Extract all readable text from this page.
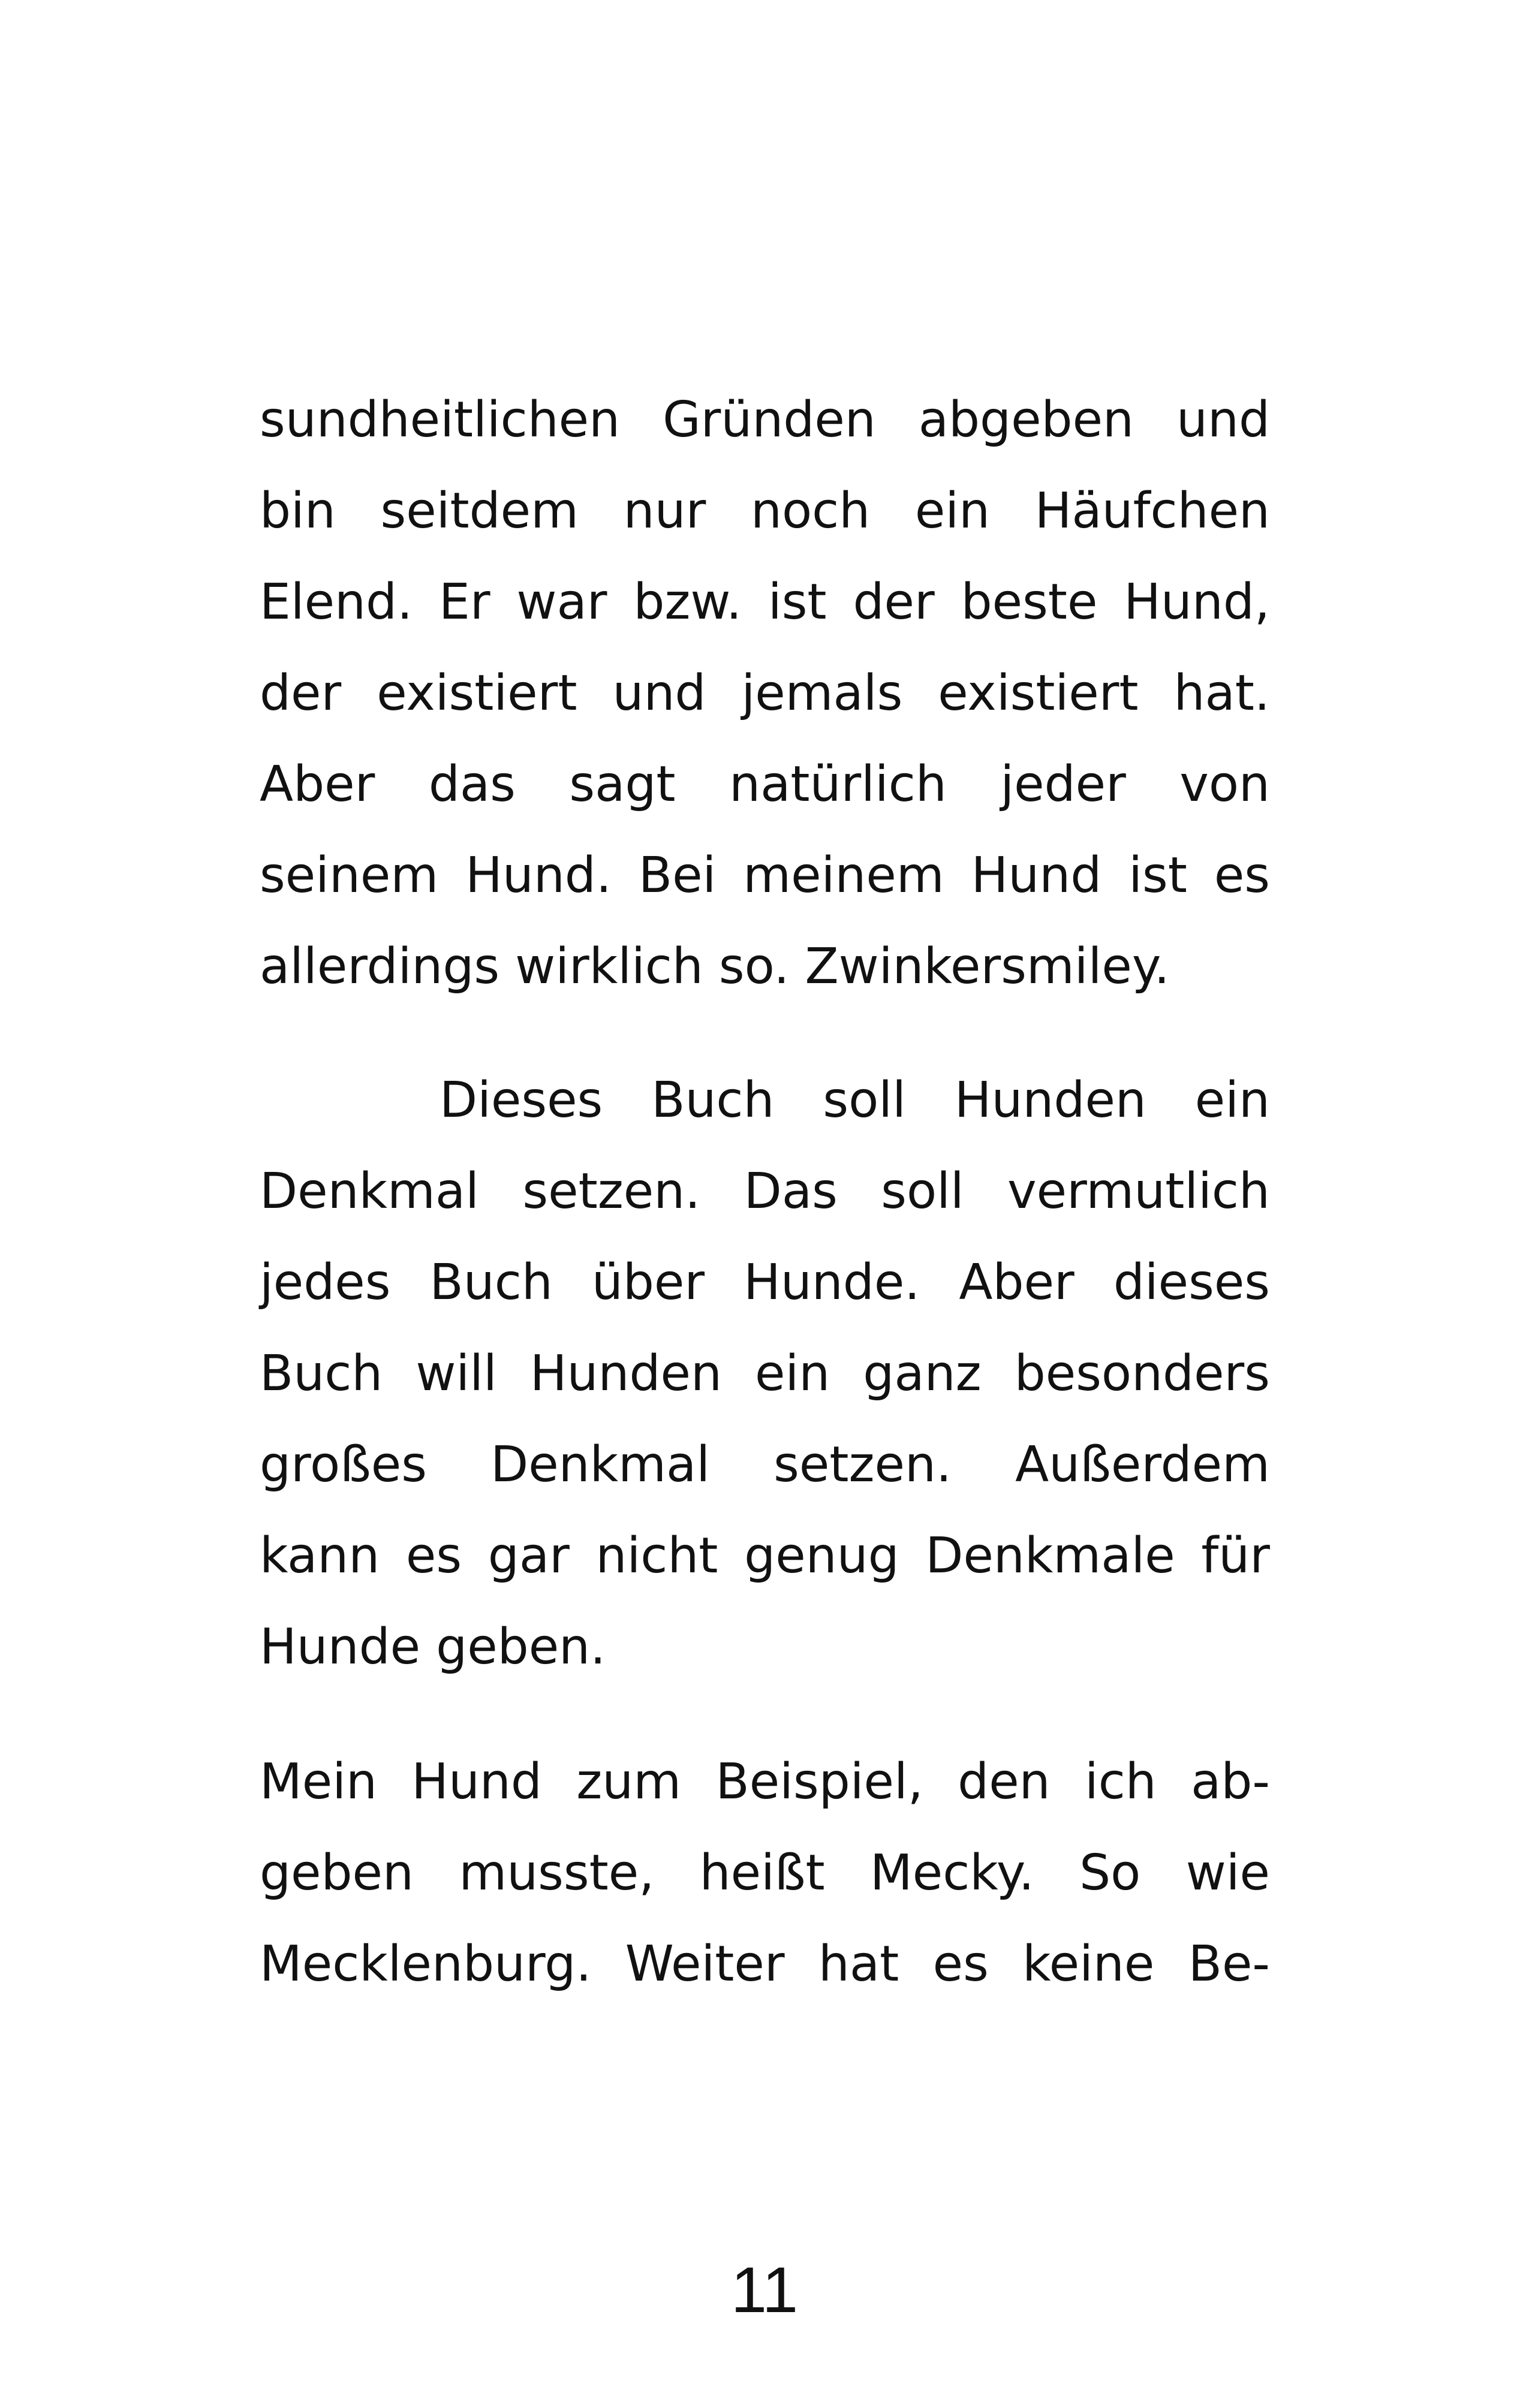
sundheitlichen Gründen abgeben und
bin seitdem nur noch ein Häufchen
Elend. Er war bzw. ist der beste Hund,
der existiert und jemals existiert hat.
Aber das sagt natürlich jeder von
seinem Hund. Bei meinem Hund ist es
allerdings wirklich so. Zwinkersmiley.
Dieses Buch soll Hunden ein
Denkmal setzen. Das soll vermutlich
jedes Buch über Hunde. Aber dieses
Buch will Hunden ein ganz besonders
großes Denkmal setzen. Außerdem
kann es gar nicht genug Denkmale für
Hunde geben.
Mein Hund zum Beispiel, den ich ab-
geben musste, heißt Mecky. So wie
Mecklenburg. Weiter hat es keine Be-
11
